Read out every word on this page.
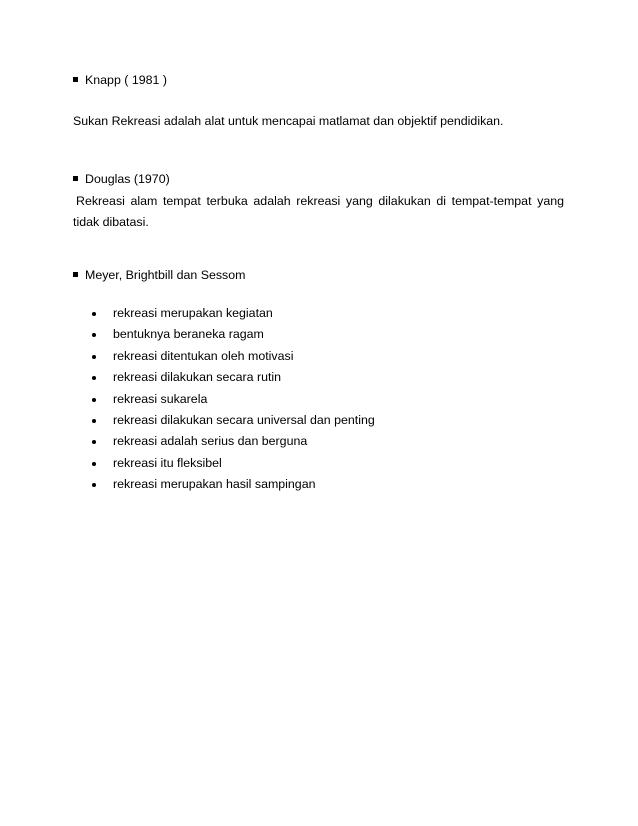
Knapp ( 1981 )
Sukan Rekreasi adalah alat untuk mencapai matlamat dan objektif pendidikan.
Douglas (1970)
Rekreasi alam tempat terbuka adalah rekreasi yang dilakukan di tempat-tempat yang
tidak dibatasi.
Meyer, Brightbill dan Sessom
rekreasi merupakan kegiatan
bentuknya beraneka ragam
rekreasi ditentukan oleh motivasi
rekreasi dilakukan secara rutin
rekreasi sukarela
rekreasi dilakukan secara universal dan penting
rekreasi adalah serius dan berguna
rekreasi itu fleksibel
rekreasi merupakan hasil sampingan
